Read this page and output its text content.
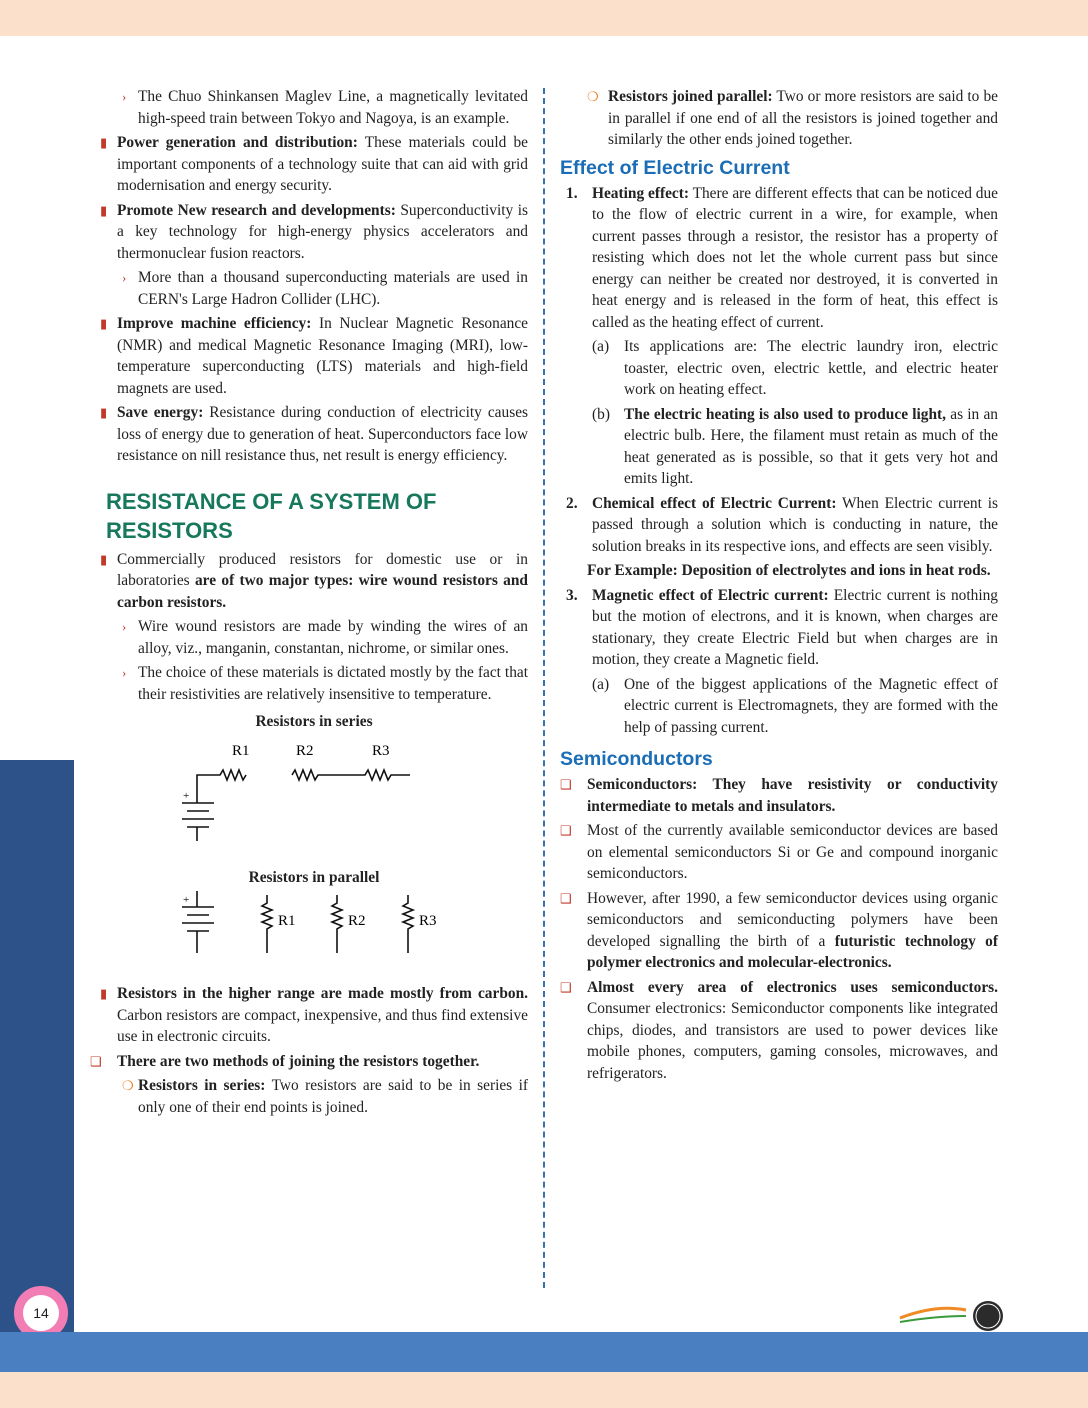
14
› The Chuo Shinkansen Maglev Line, a magnetically levitated high-speed train between Tokyo and Nagoya, is an example.
▮ Power generation and distribution: These materials could be important components of a technology suite that can aid with grid modernisation and energy security.
▮ Promote New research and developments: Superconductivity is a key technology for high-energy physics accelerators and thermonuclear fusion reactors.
› More than a thousand superconducting materials are used in CERN's Large Hadron Collider (LHC).
▮ Improve machine efficiency: In Nuclear Magnetic Resonance (NMR) and medical Magnetic Resonance Imaging (MRI), low-temperature superconducting (LTS) materials and high-field magnets are used.
▮ Save energy: Resistance during conduction of electricity causes loss of energy due to generation of heat. Superconductors face low resistance on nill resistance thus, net result is energy efficiency.
RESISTANCE OF A SYSTEM OF RESISTORS
▮ Commercially produced resistors for domestic use or in laboratories are of two major types: wire wound resistors and carbon resistors.
› Wire wound resistors are made by winding the wires of an alloy, viz., manganin, constantan, nichrome, or similar ones.
› The choice of these materials is dictated mostly by the fact that their resistivities are relatively insensitive to temperature.
Resistors in series
R1	R2	R3
+
Resistors in parallel
+
R1	R2	R3
▮ Resistors in the higher range are made mostly from carbon. Carbon resistors are compact, inexpensive, and thus find extensive use in electronic circuits.
❑ There are two methods of joining the resistors together.
❍ Resistors in series: Two resistors are said to be in series if only one of their end points is joined.
❍ Resistors joined parallel: Two or more resistors are said to be in parallel if one end of all the resistors is joined together and similarly the other ends joined together.
Effect of Electric Current
1. Heating effect: There are different effects that can be noticed due to the flow of electric current in a wire, for example, when current passes through a resistor, the resistor has a property of resisting which does not let the whole current pass but since energy can neither be created nor destroyed, it is converted in heat energy and is released in the form of heat, this effect is called as the heating effect of current.
(a) Its applications are: The electric laundry iron, electric toaster, electric oven, electric kettle, and electric heater work on heating effect.
(b) The electric heating is also used to produce light, as in an electric bulb. Here, the filament must retain as much of the heat generated as is possible, so that it gets very hot and emits light.
2. Chemical effect of Electric Current: When Electric current is passed through a solution which is conducting in nature, the solution breaks in its respective ions, and effects are seen visibly.
For Example: Deposition of electrolytes and ions in heat rods.
3. Magnetic effect of Electric current: Electric current is nothing but the motion of electrons, and it is known, when charges are stationary, they create Electric Field but when charges are in motion, they create a Magnetic field.
(a) One of the biggest applications of the Magnetic effect of electric current is Electromagnets, they are formed with the help of passing current.
Semiconductors
❑ Semiconductors: They have resistivity or conductivity intermediate to metals and insulators.
❑ Most of the currently available semiconductor devices are based on elemental semiconductors Si or Ge and compound inorganic semiconductors.
❑ However, after 1990, a few semiconductor devices using organic semiconductors and semiconducting polymers have been developed signalling the birth of a futuristic technology of polymer electronics and molecular-electronics.
❑ Almost every area of electronics uses semiconductors. Consumer electronics: Semiconductor components like integrated chips, diodes, and transistors are used to power devices like mobile phones, computers, gaming consoles, microwaves, and refrigerators.
